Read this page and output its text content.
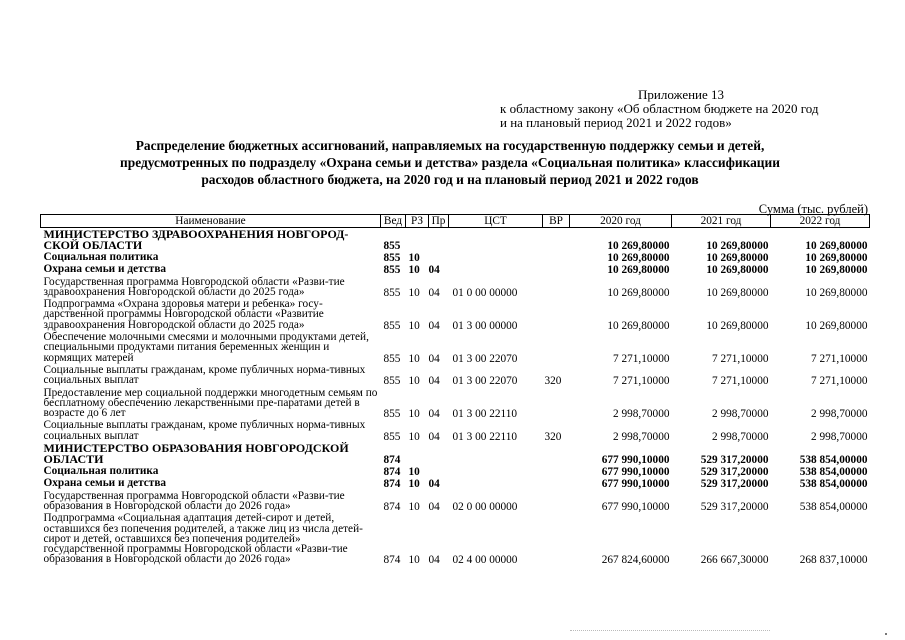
Приложение 13
к областному закону «Об областном бюджете на 2020 год
и на плановый период 2021 и 2022 годов»
Распределение бюджетных ассигнований, направляемых на государственную поддержку семьи и детей,
предусмотренных по подразделу «Охрана семьи и детства» раздела «Социальная политика» классификации
расходов областного бюджета, на 2020 год и на плановый период 2021 и 2022 годов
Сумма (тыс. рублей)
Наименование	Вед	РЗ	Пр	ЦСТ	ВР	2020 год	2021 год	2022 год
МИНИСТЕРСТВО ЗДРАВООХРАНЕНИЯ НОВГОРОД-СКОЙ ОБЛАСТИ	855					10 269,80000	10 269,80000	10 269,80000
Социальная политика	855	10				10 269,80000	10 269,80000	10 269,80000
Охрана семьи и детства	855	10	04			10 269,80000	10 269,80000	10 269,80000
Государственная программа Новгородской области «Разви-тие здравоохранения Новгородской области до 2025 года»	855	10	04	01 0 00 00000		10 269,80000	10 269,80000	10 269,80000
Подпрограмма «Охрана здоровья матери и ребенка» госу-дарственной программы Новгородской области «Развитие здравоохранения Новгородской области до 2025 года»	855	10	04	01 3 00 00000		10 269,80000	10 269,80000	10 269,80000
Обеспечение молочными смесями и молочными продуктами детей, специальными продуктами питания беременных женщин и кормящих матерей	855	10	04	01 3 00 22070		7 271,10000	7 271,10000	7 271,10000
Социальные выплаты гражданам, кроме публичных норма-тивных социальных выплат	855	10	04	01 3 00 22070	320	7 271,10000	7 271,10000	7 271,10000
Предоставление мер социальной поддержки многодетным семьям по бесплатному обеспечению лекарственными пре-паратами детей в возрасте до 6 лет	855	10	04	01 3 00 22110		2 998,70000	2 998,70000	2 998,70000
Социальные выплаты гражданам, кроме публичных норма-тивных социальных выплат	855	10	04	01 3 00 22110	320	2 998,70000	2 998,70000	2 998,70000
МИНИСТЕРСТВО ОБРАЗОВАНИЯ НОВГОРОДСКОЙ ОБЛАСТИ	874					677 990,10000	529 317,20000	538 854,00000
Социальная политика	874	10				677 990,10000	529 317,20000	538 854,00000
Охрана семьи и детства	874	10	04			677 990,10000	529 317,20000	538 854,00000
Государственная программа Новгородской области «Разви-тие образования в Новгородской области до 2026 года»	874	10	04	02 0 00 00000		677 990,10000	529 317,20000	538 854,00000
Подпрограмма «Социальная адаптация детей-сирот и детей, оставшихся без попечения родителей, а также лиц из числа детей-сирот и детей, оставшихся без попечения родителей» государственной программы Новгородской области «Разви-тие образования в Новгородской области до 2026 года»	874	10	04	02 4 00 00000		267 824,60000	266 667,30000	268 837,10000
